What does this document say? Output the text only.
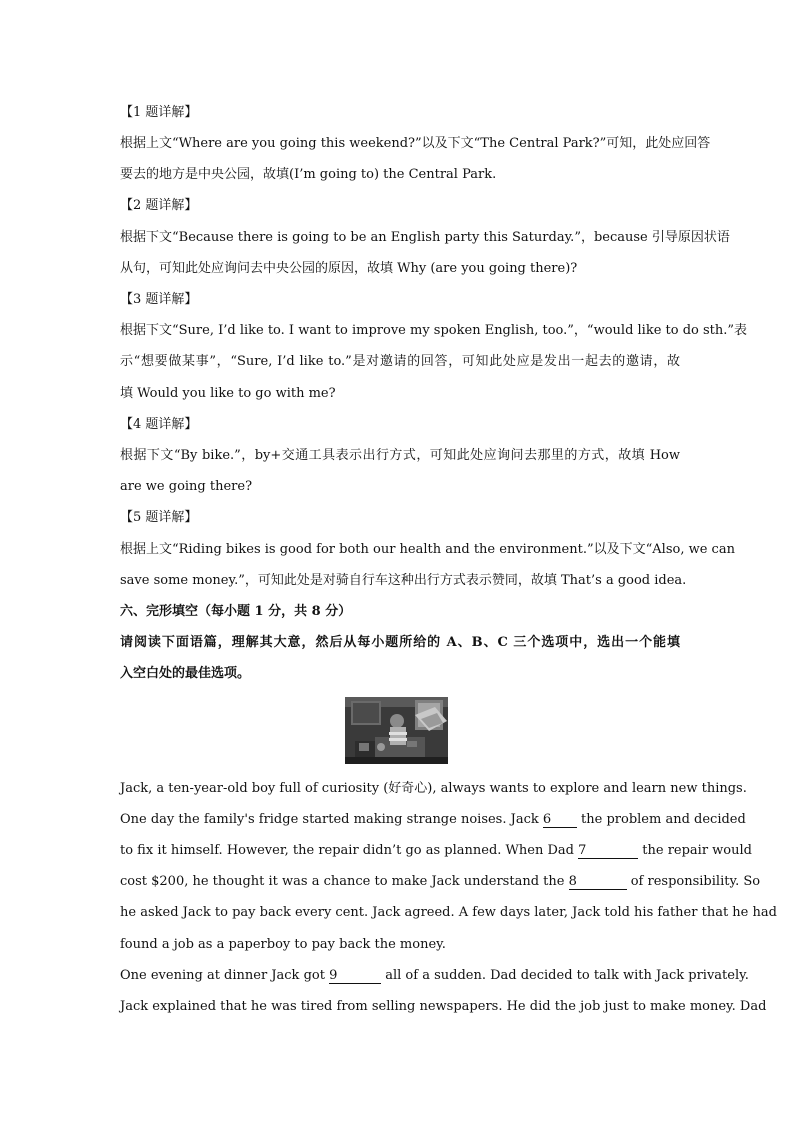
【1 题详解】
根据上文“Where are you going this weekend?”以及下文“The Central Park?”可知，此处应回答
要去的地方是中央公园，故填(I’m going to) the Central Park.
【2 题详解】
根据下文“Because there is going to be an English party this Saturday.”，because 引导原因状语
从句，可知此处应询问去中央公园的原因，故填 Why (are you going there)?
【3 题详解】
根据下文“Sure, I’d like to. I want to improve my spoken English, too.”，“would like to do sth.”表
示“想要做某事”，“Sure, I’d like to.”是对邀请的回答，可知此处应是发出一起去的邀请，故
填 Would you like to go with me?
【4 题详解】
根据下文“By bike.”，by+交通工具表示出行方式，可知此处应询问去那里的方式，故填 How
are we going there?
【5 题详解】
根据上文“Riding bikes is good for both our health and the environment.”以及下文“Also, we can
save some money.”，可知此处是对骑自行车这种出行方式表示赞同，故填 That’s a good idea.
六、完形填空（每小题 1 分，共 8 分）
请阅读下面语篇，理解其大意，然后从每小题所给的 A、B、C 三个选项中，选出一个能填
入空白处的最佳选项。
Jack, a ten-year-old boy full of curiosity (好奇心), always wants to explore and learn new things.
One day the family's fridge started making strange noises. Jack 6 the problem and decided
to fix it himself. However, the repair didn’t go as planned. When Dad 7	the repair would
cost $200, he thought it was a chance to make Jack understand the 8	of responsibility. So
he asked Jack to pay back every cent. Jack agreed. A few days later, Jack told his father that he had
found a job as a paperboy to pay back the money.
One evening at dinner Jack got 9	all of a sudden. Dad decided to talk with Jack privately.
Jack explained that he was tired from selling newspapers. He did the job just to make money. Dad
